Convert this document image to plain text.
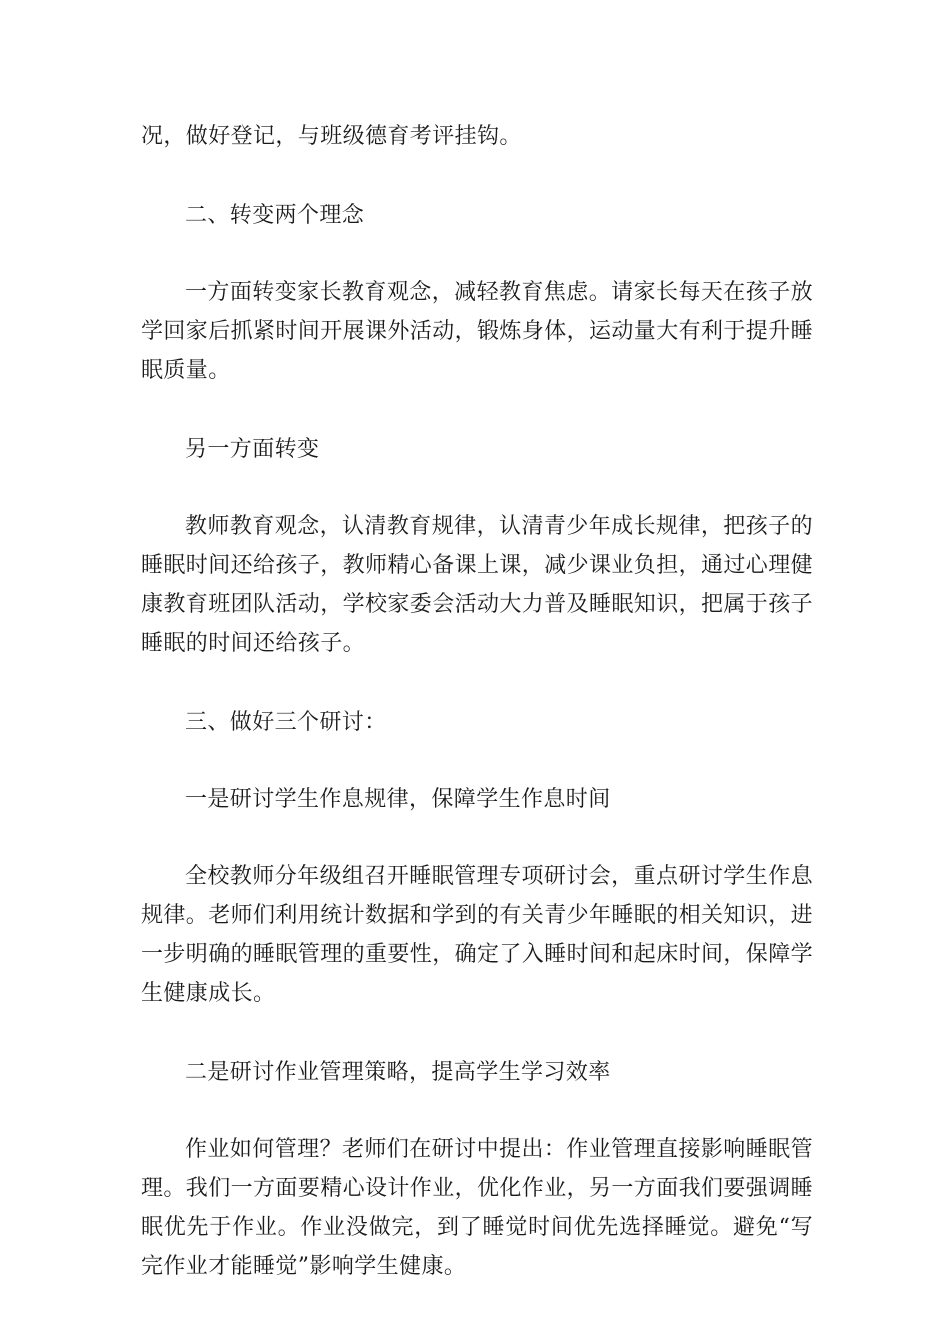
况，做好登记，与班级德育考评挂钩。

二、转变两个理念

一方面转变家长教育观念，减轻教育焦虑。请家长每天在孩子放学回家后抓紧时间开展课外活动，锻炼身体，运动量大有利于提升睡眠质量。

另一方面转变

教师教育观念，认清教育规律，认清青少年成长规律，把孩子的睡眠时间还给孩子，教师精心备课上课，减少课业负担，通过心理健康教育班团队活动，学校家委会活动大力普及睡眠知识，把属于孩子睡眠的时间还给孩子。

三、做好三个研讨：

一是研讨学生作息规律，保障学生作息时间

全校教师分年级组召开睡眠管理专项研讨会，重点研讨学生作息规律。老师们利用统计数据和学到的有关青少年睡眠的相关知识，进一步明确的睡眠管理的重要性，确定了入睡时间和起床时间，保障学生健康成长。

二是研讨作业管理策略，提高学生学习效率

作业如何管理？老师们在研讨中提出：作业管理直接影响睡眠管理。我们一方面要精心设计作业，优化作业，另一方面我们要强调睡眠优先于作业。作业没做完，到了睡觉时间优先选择睡觉。避免“写完作业才能睡觉”影响学生健康。
